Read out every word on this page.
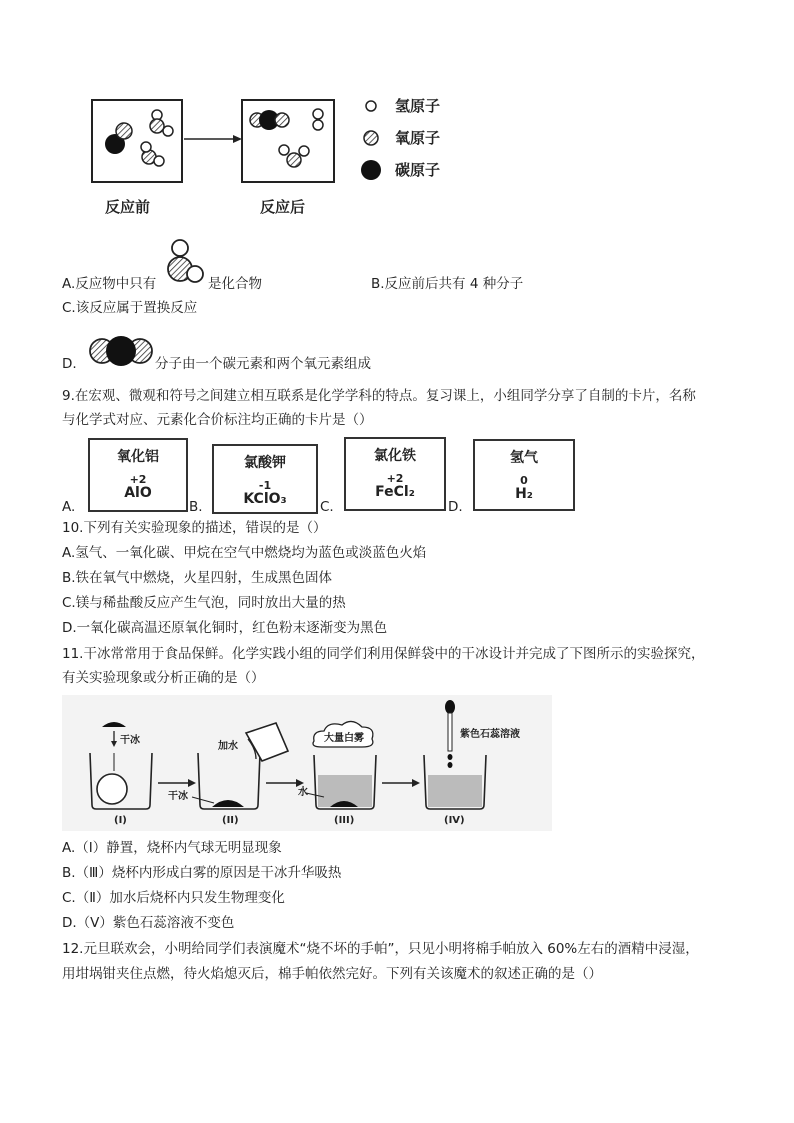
反应前	反应后
氢原子
氧原子
碳原子
A.反应物中只有	是化合物	B.反应前后共有 4 种分子
C.该反应属于置换反应
D.	分子由一个碳元素和两个氧元素组成
9.在宏观、微观和符号之间建立相互联系是化学学科的特点。复习课上，小组同学分享了自制的卡片，名称
与化学式对应、元素化合价标注均正确的卡片是（）
A.
氧化铝
+2
AlO
B.
氯酸钾
-1
KClO₃	C.
氯化铁
+2
FeCl₂
D.
氢气
0
H₂
10.下列有关实验现象的描述，错误的是（）
A.氢气、一氧化碳、甲烷在空气中燃烧均为蓝色或淡蓝色火焰
B.铁在氧气中燃烧，火星四射，生成黑色固体
C.镁与稀盐酸反应产生气泡，同时放出大量的热
D.一氧化碳高温还原氧化铜时，红色粉末逐渐变为黑色
11.干冰常常用于食品保鲜。化学实践小组的同学们利用保鲜袋中的干冰设计并完成了下图所示的实验探究，
有关实验现象或分析正确的是（）
干冰
加水
干冰
大量白雾
水
紫色石蕊溶液
(I)	(II)	(III)	(IV)
A.（I）静置，烧杯内气球无明显现象
B.（Ⅲ）烧杯内形成白雾的原因是干冰升华吸热
C.（Ⅱ）加水后烧杯内只发生物理变化
D.（Ⅴ）紫色石蕊溶液不变色
12.元旦联欢会，小明给同学们表演魔术“烧不坏的手帕”，只见小明将棉手帕放入 60%左右的酒精中浸湿，
用坩埚钳夹住点燃，待火焰熄灭后，棉手帕依然完好。下列有关该魔术的叙述正确的是（）
